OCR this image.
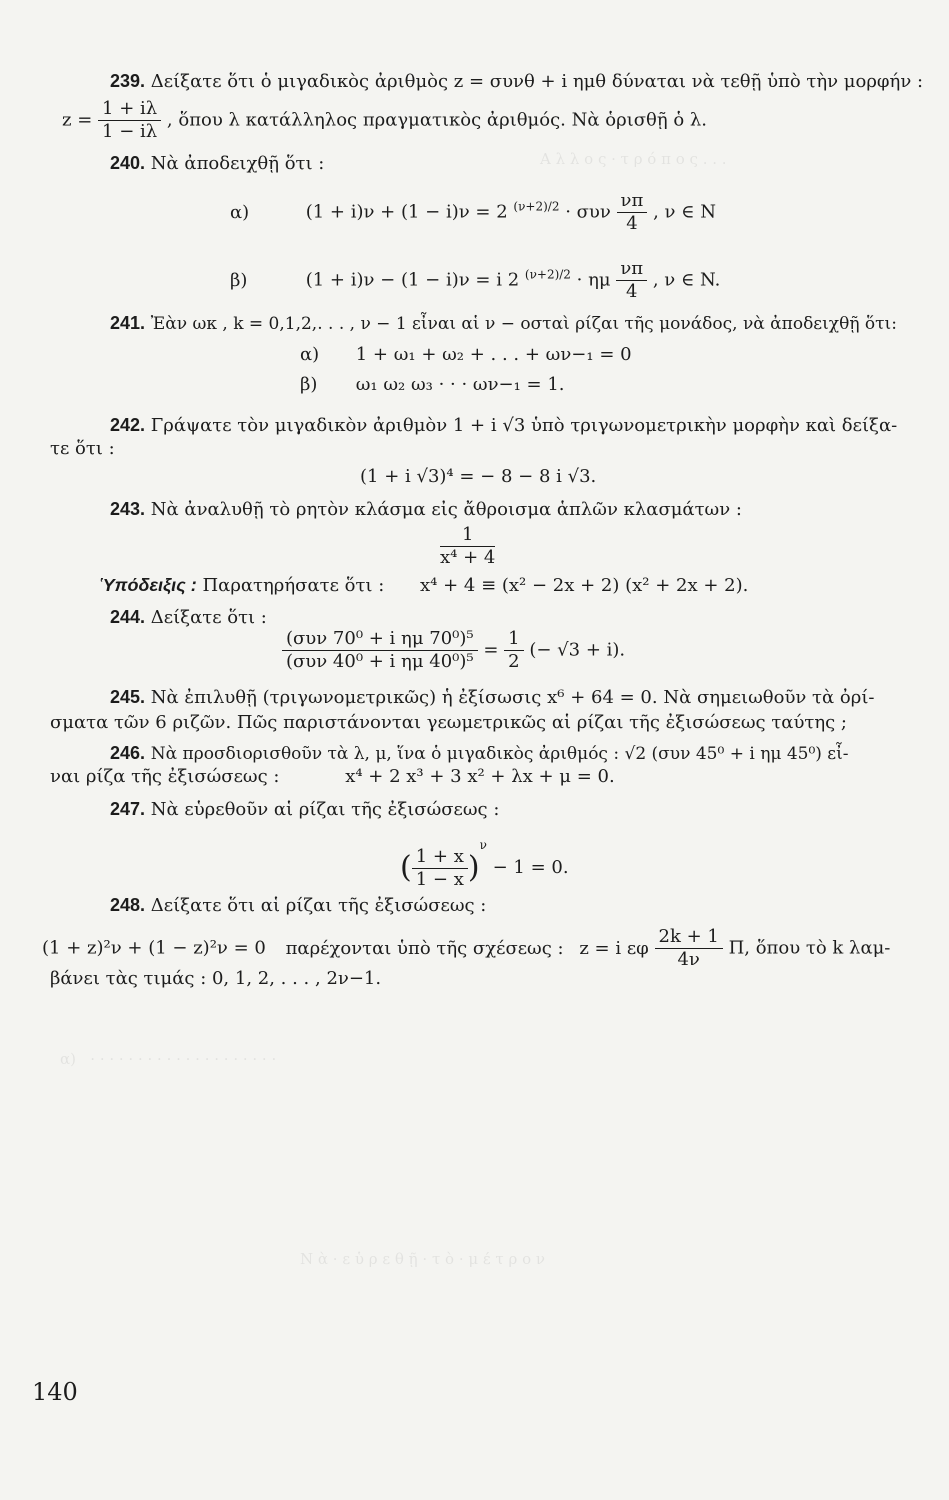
Α λ λ ο ς · τ ρ ό π ο ς . . .
α)   · · · · · · · · · · · · · · · · · · · ·
Ν ὰ · ε ὑ ρ ε θ ῇ · τ ὸ · μ έ τ ρ ο ν
239. Δείξατε ὅτι ὁ μιγαδικὸς ἀριθμὸς z = συνθ + i ημθ δύναται νὰ τεθῇ ὑπὸ τὴν μορφήν :
$z = \frac{1 + i\lambda}{1 - i\lambda}$ , ὅπου λ κατάλληλος πραγματικὸς ἀριθμός. Νὰ ὁρισθῇ ὁ λ.
240. Νὰ ἀποδειχθῇ ὅτι :
α)	(1 + i)ν + (1 − i)ν = 2 $^{(\nu+2)/2}$ · συν $\frac{\nu\pi}{4}$ , ν ∈ N
β)	(1 + i)ν − (1 − i)ν = i 2 $^{(\nu+2)/2}$ · ημ $\frac{\nu\pi}{4}$ , ν ∈ N.
241. Ἐὰν ωκ , k = 0,1,2,. . . , ν − 1 εἶναι αἱ ν − οσταὶ ρίζαι τῆς μονάδος, νὰ ἀποδειχθῇ ὅτι:
α) 1 + ω₁ + ω₂ + . . . + ων−₁ = 0
β) ω₁ ω₂ ω₃ · · · ων−₁ = 1.
242. Γράψατε τὸν μιγαδικὸν ἀριθμὸν 1 + i √3 ὑπὸ τριγωνομετρικὴν μορφὴν καὶ δείξα-
τε ὅτι :
(1 + i √3)⁴ = − 8 − 8 i √3.
243. Νὰ ἀναλυθῇ τὸ ρητὸν κλάσμα εἰς ἄθροισμα ἁπλῶν κλασμάτων :
$\frac{1}{\text{x⁴ + 4}}$
Ὑπόδειξις : Παρατηρήσατε ὅτι : x⁴ + 4 ≡ (x² − 2x + 2) (x² + 2x + 2).
244. Δείξατε ὅτι :
$\frac{\text{(συν 70⁰ + i ημ 70⁰)⁵}}{\text{(συν 40⁰ + i ημ 40⁰)⁵}} = \frac{1}{2}$ (− √3 + i).
245. Νὰ ἐπιλυθῇ (τριγωνομετρικῶς) ἡ ἐξίσωσις x⁶ + 64 = 0. Νὰ σημειωθοῦν τὰ ὀρί-
σματα τῶν 6 ριζῶν. Πῶς παριστάνονται γεωμετρικῶς αἱ ρίζαι τῆς ἐξισώσεως ταύτης ;
246. Νὰ προσδιορισθοῦν τὰ λ, μ, ἵνα ὁ μιγαδικὸς ἀριθμός : √2 (συν 45⁰ + i ημ 45⁰) εἶ-
ναι ρίζα τῆς ἐξισώσεως :	x⁴ + 2 x³ + 3 x² + λx + μ = 0.
247. Νὰ εὑρεθοῦν αἱ ρίζαι τῆς ἐξισώσεως :
( $\frac{1 + x}{1 - x} )^\nu - 1 = 0$.
248. Δείξατε ὅτι αἱ ρίζαι τῆς ἐξισώσεως :
(1 + z)²ν + (1 − z)²ν = 0 παρέχονται ὑπὸ τῆς σχέσεως : z = i εφ $\frac{2k + 1}{4\nu} \Pi$, ὅπου τὸ k λαμ-
βάνει τὰς τιμάς : 0, 1, 2, . . . , 2ν−1.
140
